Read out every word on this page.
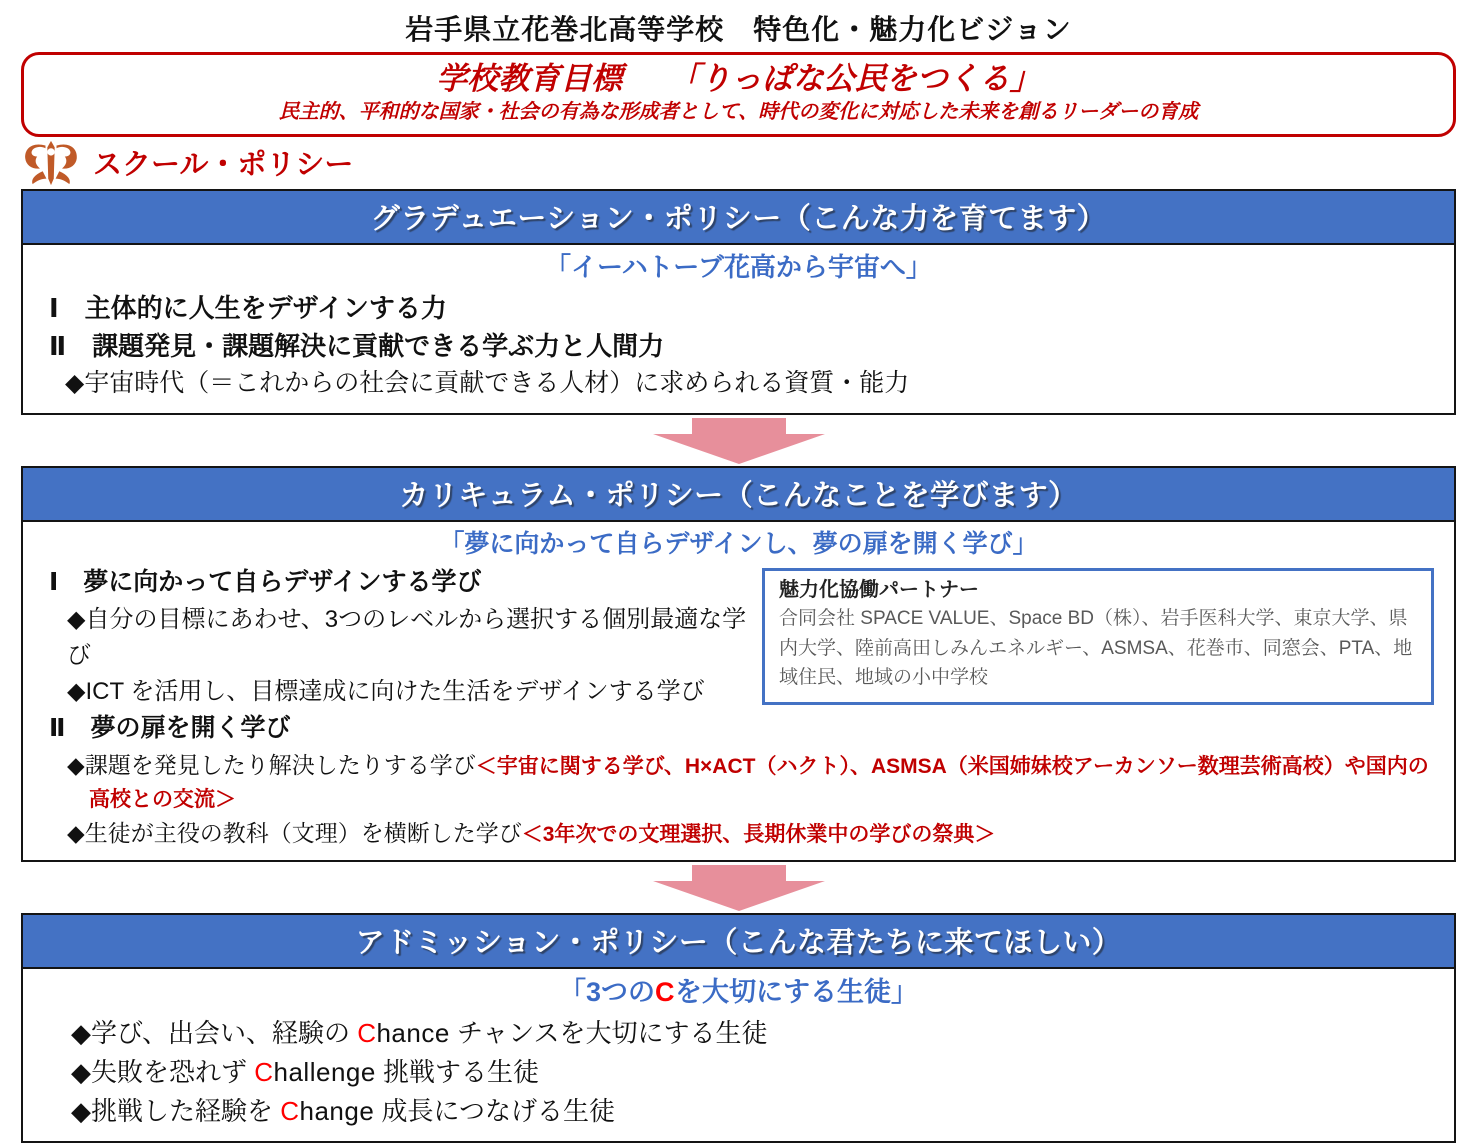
岩手県立花巻北高等学校　特色化・魅力化ビジョン
学校教育目標　　「りっぱな公民をつくる」
民主的、平和的な国家・社会の有為な形成者として、時代の変化に対応した未来を創るリーダーの育成
スクール・ポリシー
グラデュエーション・ポリシー（こんな力を育てます）
「イーハトーブ花高から宇宙へ」
Ⅰ　主体的に人生をデザインする力
Ⅱ　課題発見・課題解決に貢献できる学ぶ力と人間力
◆宇宙時代（＝これからの社会に貢献できる人材）に求められる資質・能力
カリキュラム・ポリシー（こんなことを学びます）
「夢に向かって自らデザインし、夢の扉を開く学び」
Ⅰ　夢に向かって自らデザインする学び
◆自分の目標にあわせ、3つのレベルから選択する個別最適な学び
◆ICT を活用し、目標達成に向けた生活をデザインする学び
Ⅱ　夢の扉を開く学び
魅力化協働パートナー
合同会社 SPACE VALUE、Space BD（株）、岩手医科大学、東京大学、県内大学、陸前高田しみんエネルギー、ASMSA、花巻市、同窓会、PTA、地域住民、地域の小中学校
◆課題を発見したり解決したりする学び＜宇宙に関する学び、H×ACT（ハクト）、ASMSA（米国姉妹校アーカンソー数理芸術高校）や国内の高校との交流＞
◆生徒が主役の教科（文理）を横断した学び＜3年次での文理選択、長期休業中の学びの祭典＞
アドミッション・ポリシー（こんな君たちに来てほしい）
「3つのCを大切にする生徒」
◆学び、出会い、経験の Chance チャンスを大切にする生徒
◆失敗を恐れず Challenge 挑戦する生徒
◆挑戦した経験を Change 成長につなげる生徒
